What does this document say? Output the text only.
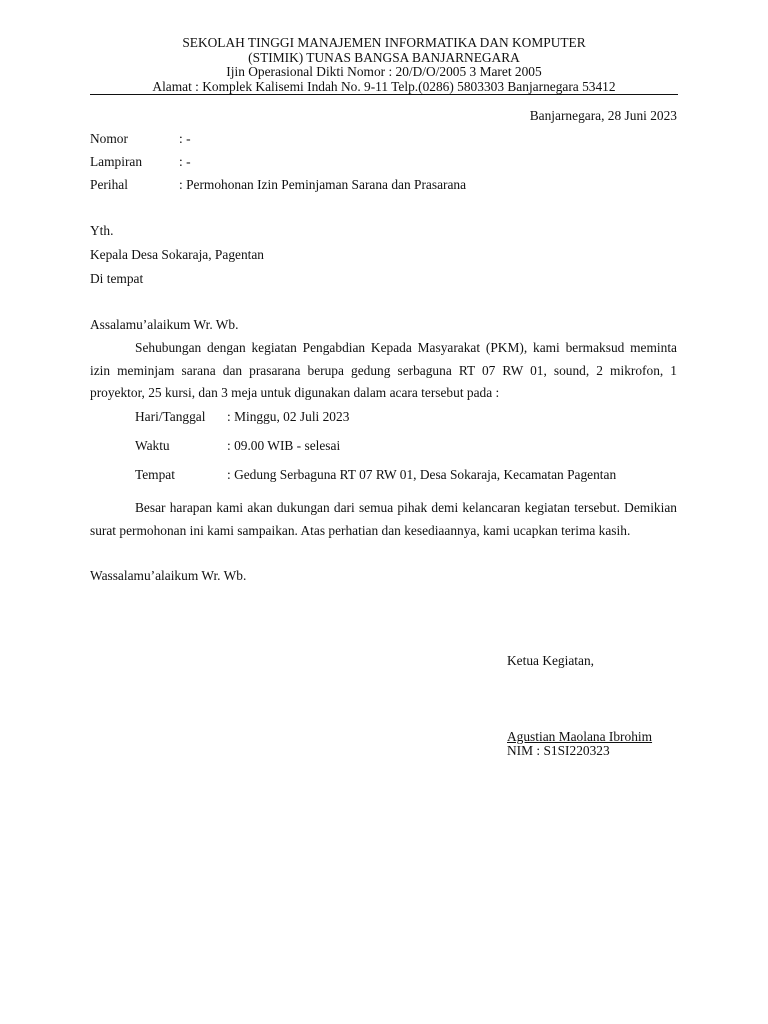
SEKOLAH TINGGI MANAJEMEN INFORMATIKA DAN KOMPUTER
(STIMIK) TUNAS BANGSA BANJARNEGARA
Ijin Operasional Dikti Nomor : 20/D/O/2005 3 Maret 2005
Alamat : Komplek Kalisemi Indah No. 9-11 Telp.(0286) 5803303 Banjarnegara 53412
Banjarnegara, 28 Juni 2023
Nomor	: -
Lampiran	: -
Perihal	: Permohonan Izin Peminjaman Sarana dan Prasarana
Yth.
Kepala Desa Sokaraja, Pagentan
Di tempat
Assalamu’alaikum Wr. Wb.

Sehubungan dengan kegiatan Pengabdian Kepada Masyarakat (PKM), kami bermaksud meminta izin meminjam sarana dan prasarana berupa gedung serbaguna RT 07 RW 01, sound, 2 mikrofon, 1 proyektor, 25 kursi, dan 3 meja untuk digunakan dalam acara tersebut pada :

Hari/Tanggal	: Minggu, 02 Juli 2023
Waktu	: 09.00 WIB - selesai
Tempat	: Gedung Serbaguna RT 07 RW 01, Desa Sokaraja, Kecamatan Pagentan

Besar harapan kami akan dukungan dari semua pihak demi kelancaran kegiatan tersebut. Demikian surat permohonan ini kami sampaikan. Atas perhatian dan kesediaannya, kami ucapkan terima kasih.

Wassalamu’alaikum Wr. Wb.
Ketua Kegiatan,
Agustian Maolana Ibrohim
NIM : S1SI220323
